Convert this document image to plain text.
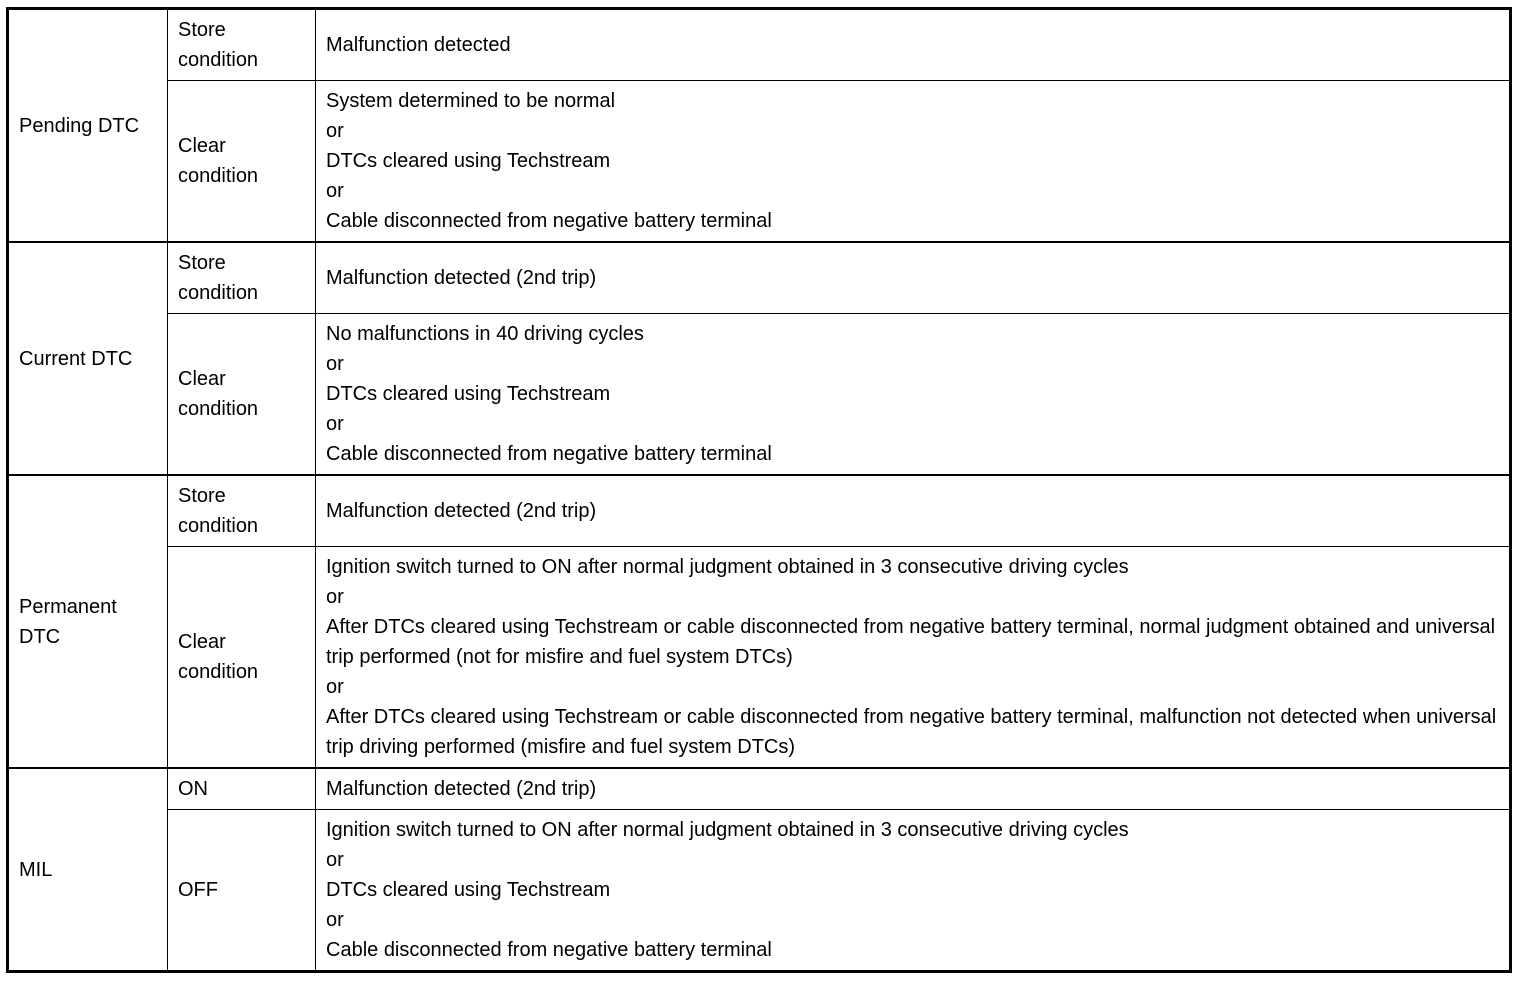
Pending DTC	Store condition	Malfunction detected

	Clear condition	System determined to be normal
or
DTCs cleared using Techstream
or
Cable disconnected from negative battery terminal

Current DTC	Store condition	Malfunction detected (2nd trip)

	Clear condition	No malfunctions in 40 driving cycles
or
DTCs cleared using Techstream
or
Cable disconnected from negative battery terminal

Permanent DTC	Store condition	Malfunction detected (2nd trip)

	Clear condition	Ignition switch turned to ON after normal judgment obtained in 3 consecutive driving cycles
or
After DTCs cleared using Techstream or cable disconnected from negative battery terminal, normal judgment obtained and universal trip performed (not for misfire and fuel system DTCs)
or
After DTCs cleared using Techstream or cable disconnected from negative battery terminal, malfunction not detected when universal trip driving performed (misfire and fuel system DTCs)

MIL	ON	Malfunction detected (2nd trip)

	OFF	Ignition switch turned to ON after normal judgment obtained in 3 consecutive driving cycles
or
DTCs cleared using Techstream
or
Cable disconnected from negative battery terminal
